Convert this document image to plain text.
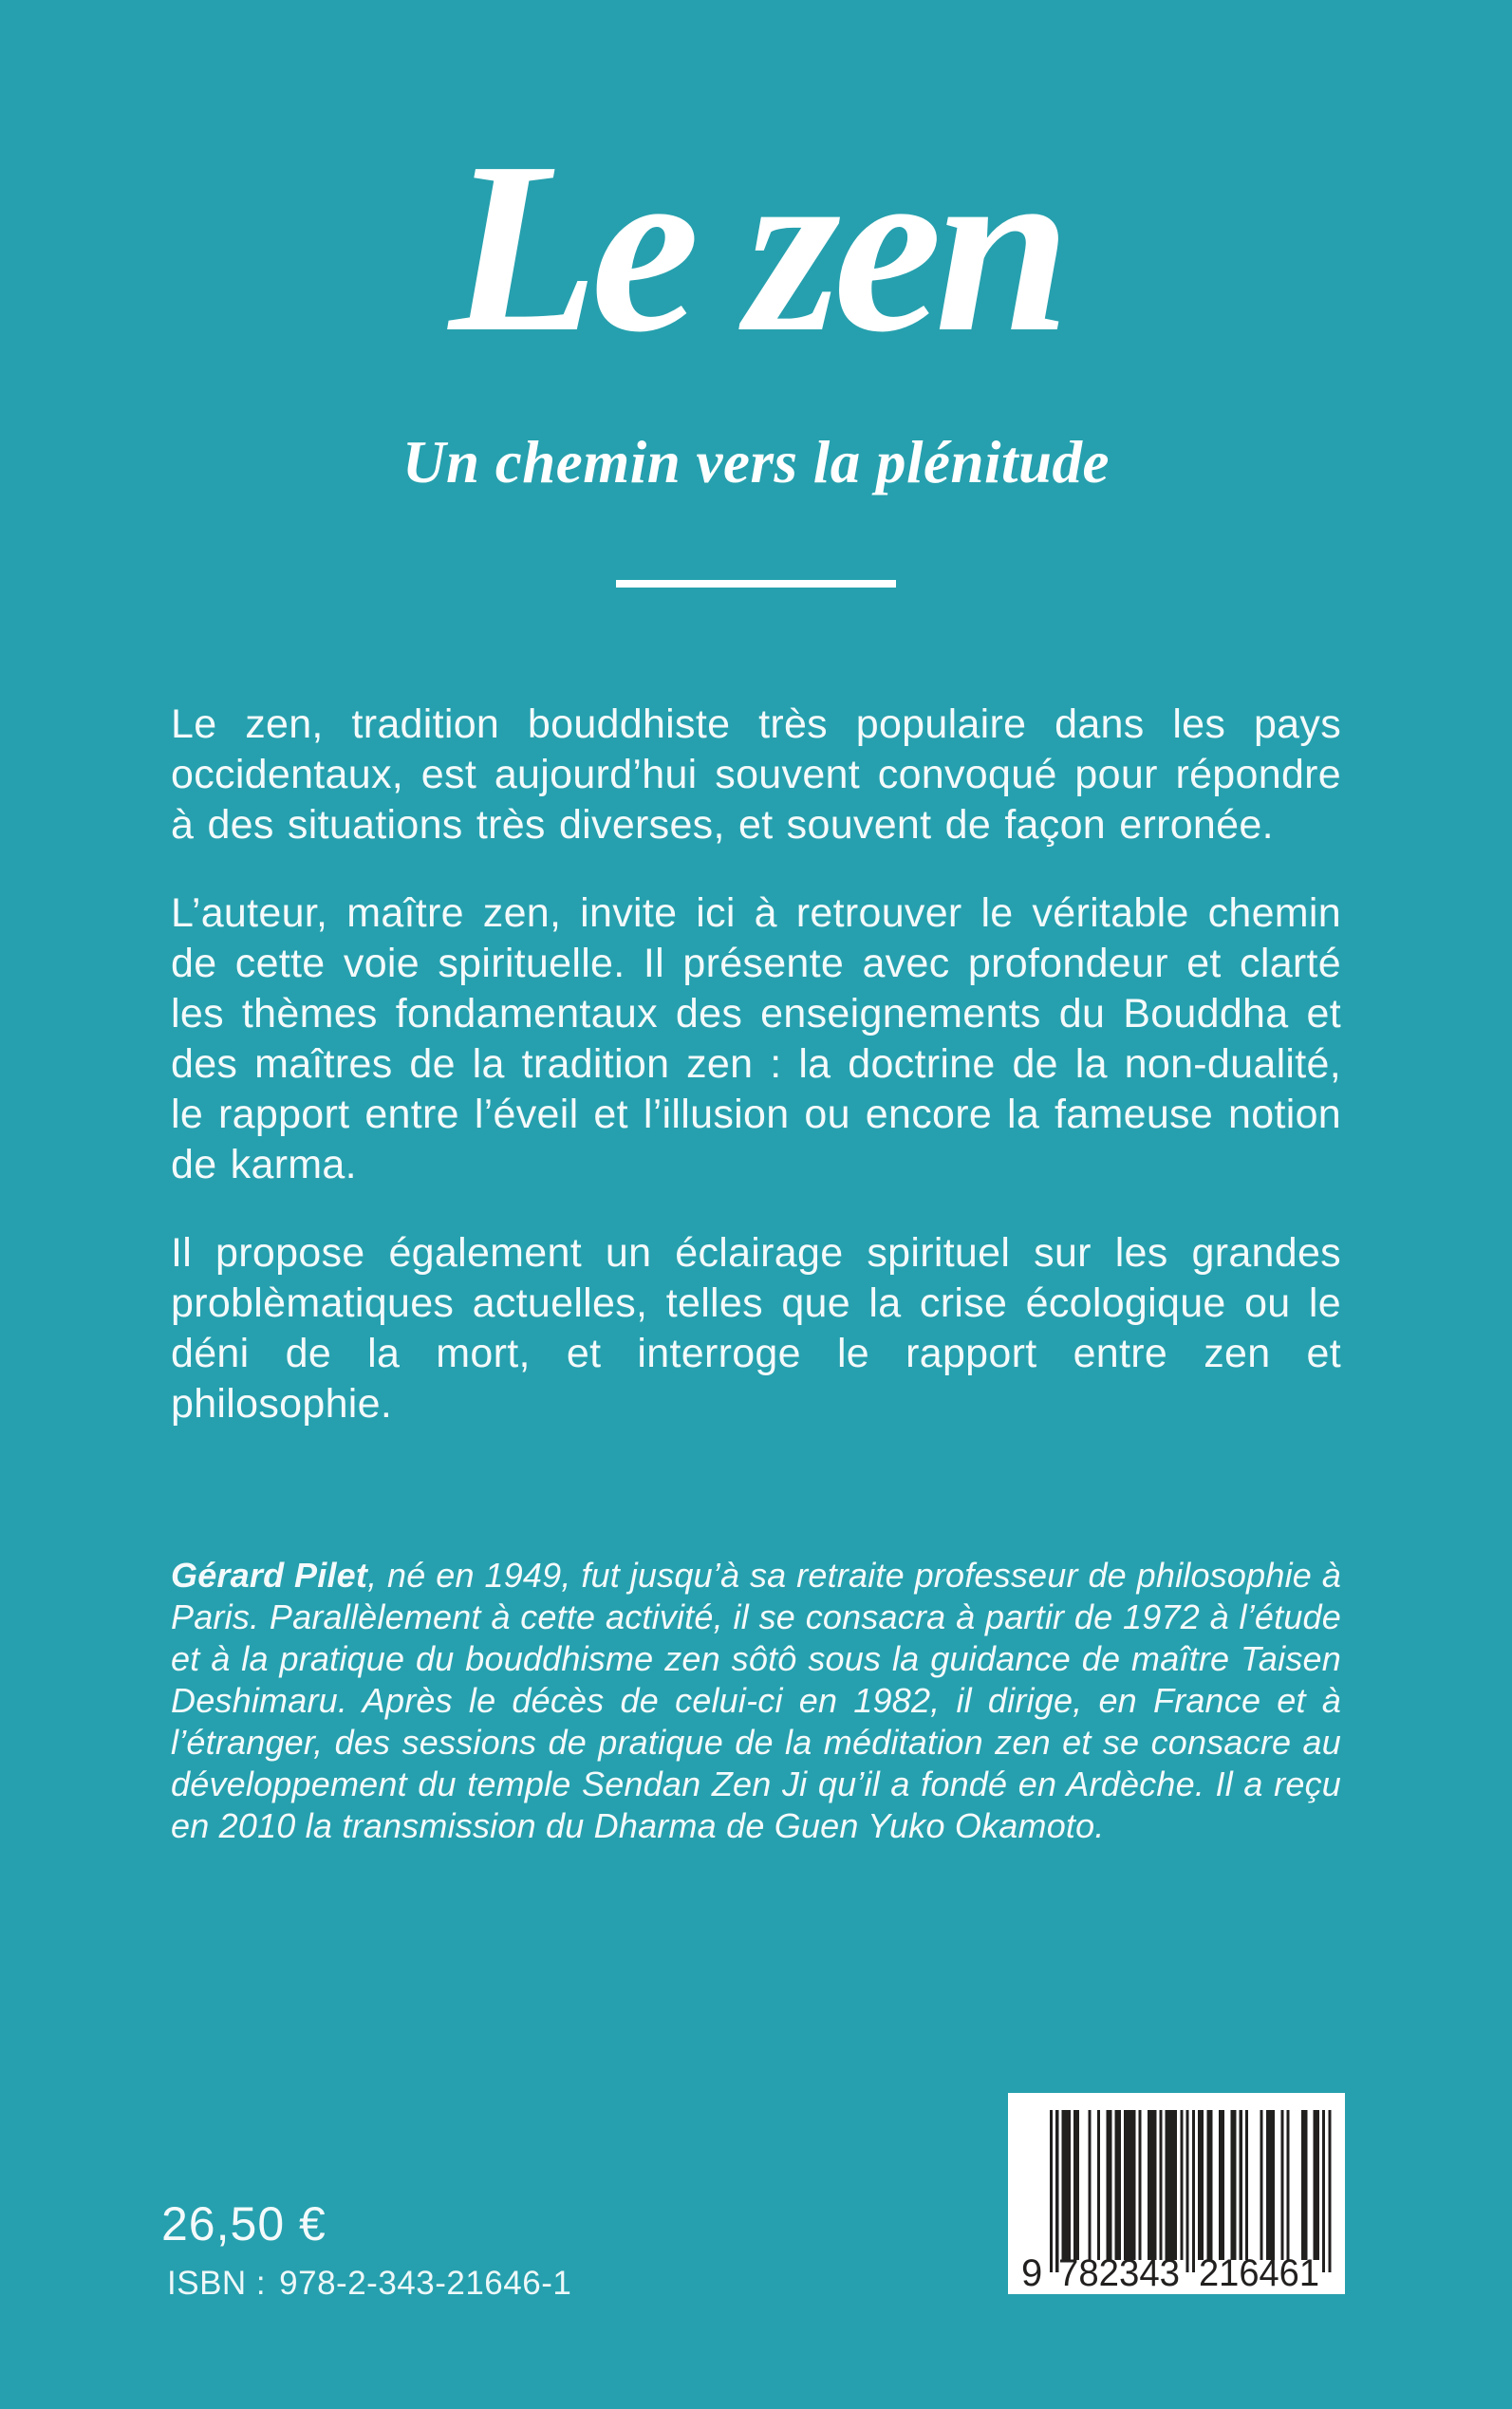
Le zen
Un chemin vers la plénitude

Le zen, tradition bouddhiste très populaire dans les pays occidentaux, est aujourd’hui souvent convoqué pour répondre à des situations très diverses, et souvent de façon erronée.

L’auteur, maître zen, invite ici à retrouver le véritable chemin de cette voie spirituelle. Il présente avec profondeur et clarté les thèmes fondamentaux des enseignements du Bouddha et des maîtres de la tradition zen : la doctrine de la non-dualité, le rapport entre l’éveil et l’illusion ou encore la fameuse notion de karma.

Il propose également un éclairage spirituel sur les grandes problèmatiques actuelles, telles que la crise écologique ou le déni de la mort, et interroge le rapport entre zen et philosophie.

Gérard Pilet, né en 1949, fut jusqu’à sa retraite professeur de philosophie à Paris. Parallèlement à cette activité, il se consacra à partir de 1972 à l’étude et à la pratique du bouddhisme zen sôtô sous la guidance de maître Taisen Deshimaru. Après le décès de celui-ci en 1982, il dirige, en France et à l’étranger, des sessions de pratique de la méditation zen et se consacre au développement du temple Sendan Zen Ji qu’il a fondé en Ardèche. Il a reçu en 2010 la transmission du Dharma de Guen Yuko Okamoto.
26,50 €
ISBN : 978-2-343-21646-1	9 782343 216461
